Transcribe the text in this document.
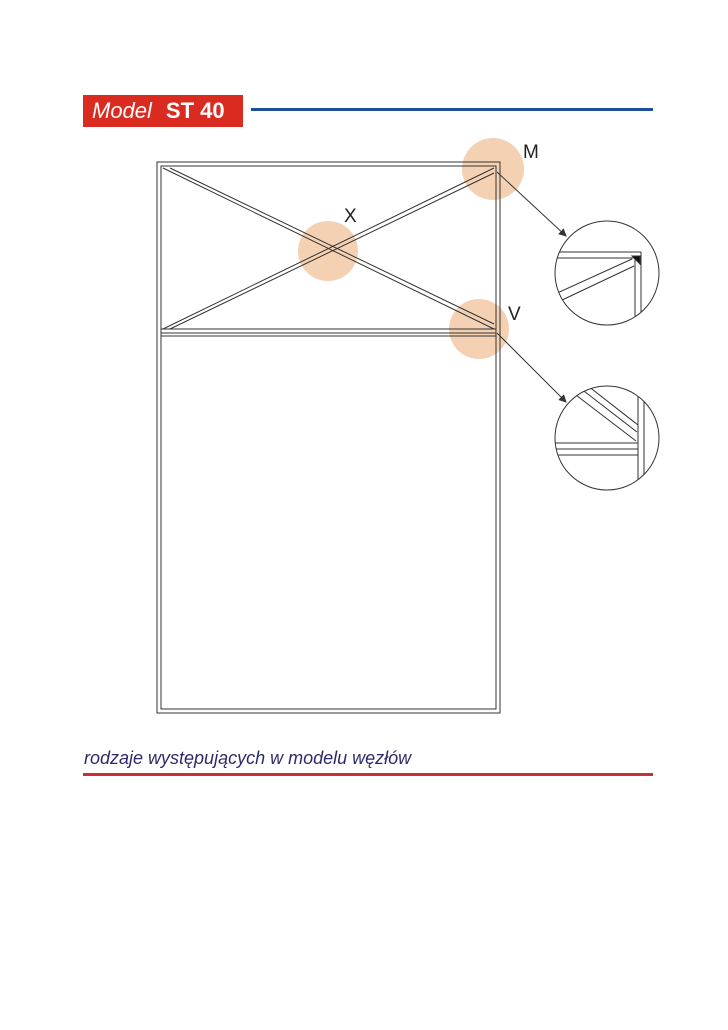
Model ST 40
X
M
V
rodzaje występujących w modelu węzłów
